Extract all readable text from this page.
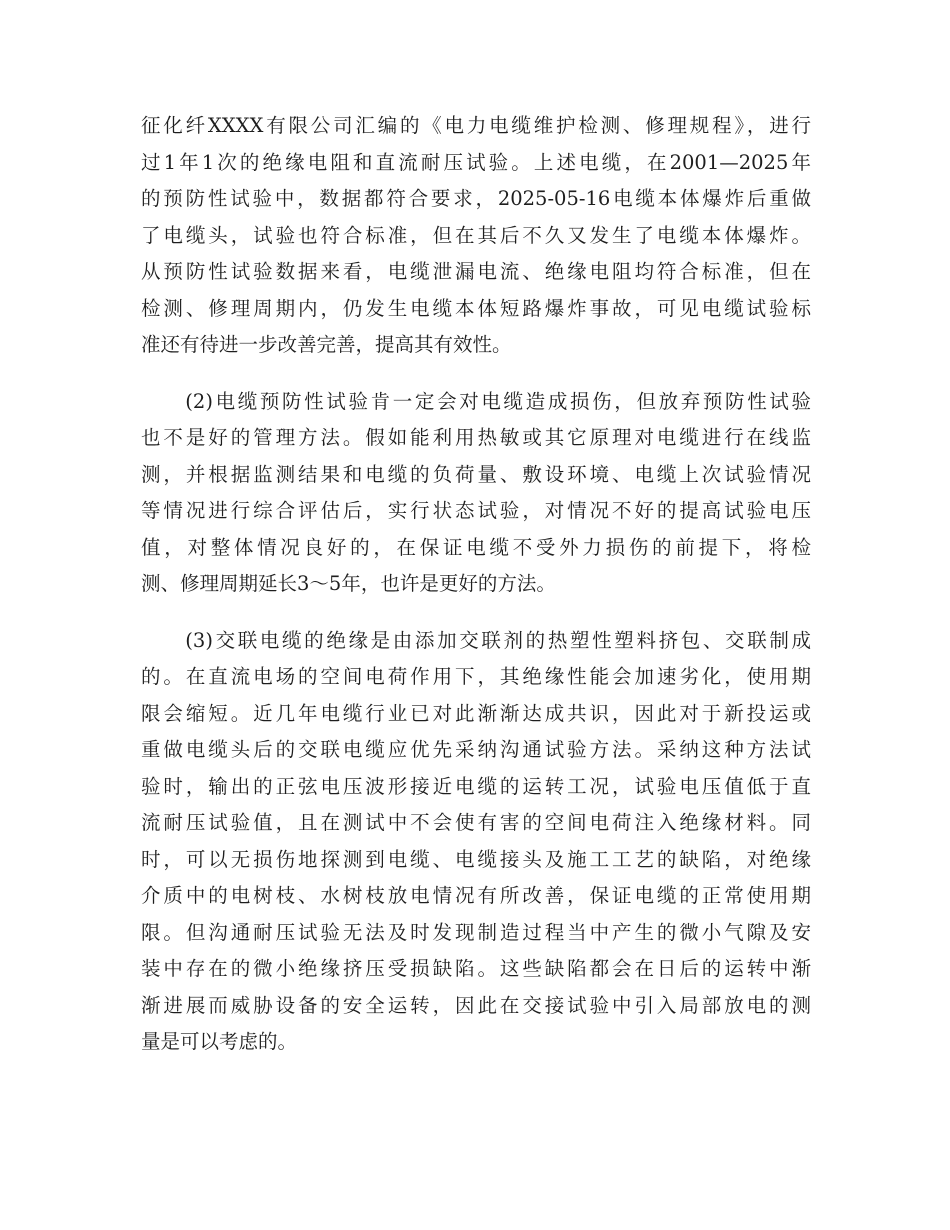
征化纤XXXX有限公司汇编的《电力电缆维护检测、修理规程》，进行
过1年1次的绝缘电阻和直流耐压试验。上述电缆，在2001—2025年
的预防性试验中，数据都符合要求，2025-05-16电缆本体爆炸后重做
了电缆头，试验也符合标准，但在其后不久又发生了电缆本体爆炸。
从预防性试验数据来看，电缆泄漏电流、绝缘电阻均符合标准，但在
检测、修理周期内，仍发生电缆本体短路爆炸事故，可见电缆试验标
准还有待进一步改善完善，提高其有效性。
　　(2)电缆预防性试验肯一定会对电缆造成损伤，但放弃预防性试验
也不是好的管理方法。假如能利用热敏或其它原理对电缆进行在线监
测，并根据监测结果和电缆的负荷量、敷设环境、电缆上次试验情况
等情况进行综合评估后，实行状态试验，对情况不好的提高试验电压
值，对整体情况良好的，在保证电缆不受外力损伤的前提下，将检
测、修理周期延长3～5年，也许是更好的方法。
　　(3)交联电缆的绝缘是由添加交联剂的热塑性塑料挤包、交联制成
的。在直流电场的空间电荷作用下，其绝缘性能会加速劣化，使用期
限会缩短。近几年电缆行业已对此渐渐达成共识，因此对于新投运或
重做电缆头后的交联电缆应优先采纳沟通试验方法。采纳这种方法试
验时，输出的正弦电压波形接近电缆的运转工况，试验电压值低于直
流耐压试验值，且在测试中不会使有害的空间电荷注入绝缘材料。同
时，可以无损伤地探测到电缆、电缆接头及施工工艺的缺陷，对绝缘
介质中的电树枝、水树枝放电情况有所改善，保证电缆的正常使用期
限。但沟通耐压试验无法及时发现制造过程当中产生的微小气隙及安
装中存在的微小绝缘挤压受损缺陷。这些缺陷都会在日后的运转中渐
渐进展而威胁设备的安全运转，因此在交接试验中引入局部放电的测
量是可以考虑的。
